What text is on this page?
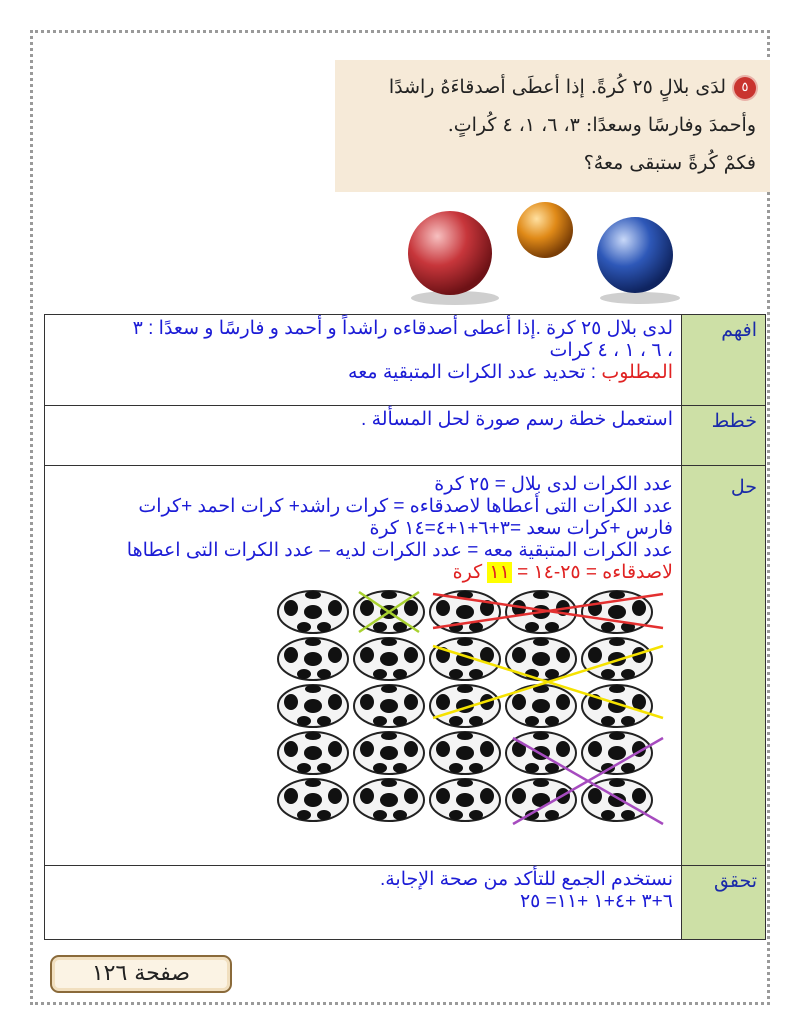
٥لدَى بلالٍ ٢٥ كُرةً. إذا أعطَى أصدقاءَهُ راشدًا
وأحمدَ وفارسًا وسعدًا: ٣، ٦، ١، ٤ كُراتٍ.
فكمْ كُرةً ستبقى معهُ؟
افهم	لدى بلال ٢٥ كرة .إذا أعطى أصدقاءه راشداً و أحمد و فارسًا و سعدًا : ٣
، ٦ ، ١ ، ٤ كرات
المطلوب : تحديد عدد الكرات المتبقية معه

خطط	استعمل خطة رسم صورة لحل المسألة .
حل	عدد الكرات لدى بلال = ٢٥ كرة
عدد الكرات التى أعطاها لاصدقاءه = كرات راشد+ كرات احمد +كرات
فارس +كرات سعد =٣+٦+١+٤=١٤ كرة
عدد الكرات المتبقية معه = عدد الكرات لديه – عدد الكرات التى اعطاها
لاصدقاءه = ٢٥-١٤ = ١١ كرة

تحقق	نستخدم الجمع للتأكد من صحة الإجابة.
٦+٣ +٤+١ +١١= ٢٥
صفحة ١٢٦
